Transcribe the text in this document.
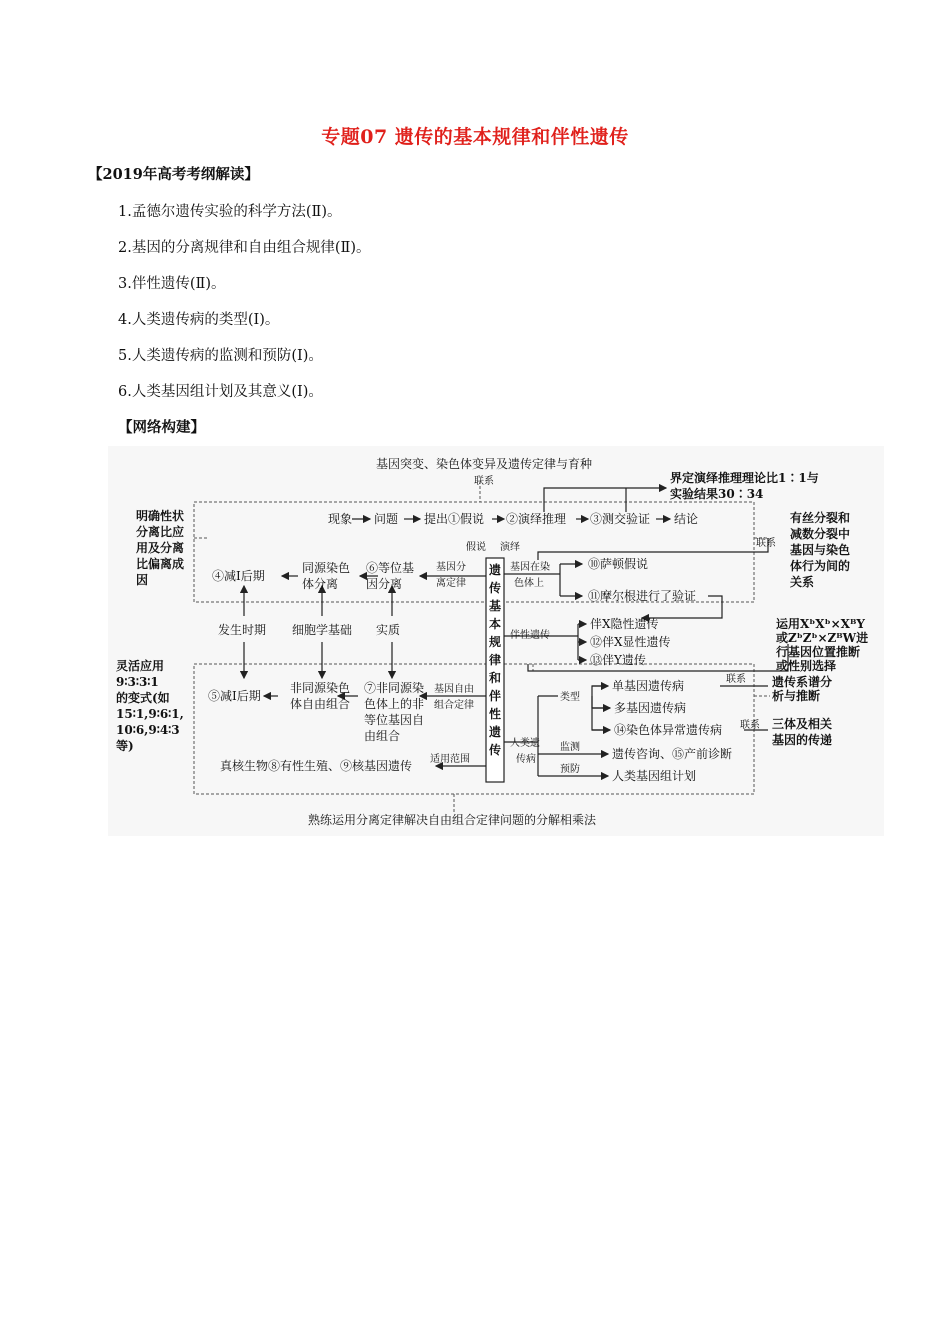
专题07 遗传的基本规律和伴性遗传
【2019年高考考纲解读】
1.孟德尔遗传实验的科学方法(Ⅱ)。
2.基因的分离规律和自由组合规律(Ⅱ)。
3.伴性遗传(Ⅱ)。
4.人类遗传病的类型(Ⅰ)。
5.人类遗传病的监测和预防(Ⅰ)。
6.人类基因组计划及其意义(Ⅰ)。
【网络构建】
基因突变、染色体变异及遗传定律与育种
联系	界定演绎推理理论比1∶1与
实验结果30∶34
现象 问题 提出①假说 ②演绎推理 ③测交验证 结论
假说 演绎
遗
传
基
本
规
律
和
伴
性
遗
传
明确性状
分离比应
用及分离
比偏离成
因
有丝分裂和
减数分裂中
基因与染色
体行为间的
关系
联系
④减Ⅰ后期
同源染色
体分离
⑥等位基
因分离
基因分
离定律
发生时期 细胞学基础 实质
⑤减Ⅰ后期
非同源染色
体自由组合
⑦非同源染
色体上的非
等位基因自
由组合
基因自由
组合定律
灵活应用
9∶3∶3∶1
的变式(如
15∶1,9∶6∶1,
10∶6,9∶4∶3
等)
真核生物⑧有性生殖、⑨核基因遗传 适用范围
基因在染
色体上
⑩萨顿假说
⑪摩尔根进行了验证
伴性遗传
伴X隐性遗传
⑫伴X显性遗传
⑬伴Y遗传
运用XᵇXᵇ×XᴮY
或ZᵇZᵇ×ZᴮW进
行基因位置推断
或性别选择
人类遗
传病
类型
单基因遗传病
多基因遗传病
⑭染色体异常遗传病
监测	遗传咨询、⑮产前诊断
预防	人类基因组计划
联系 遗传系谱分
析与推断
联系 三体及相关
基因的传递
熟练运用分离定律解决自由组合定律问题的分解相乘法
